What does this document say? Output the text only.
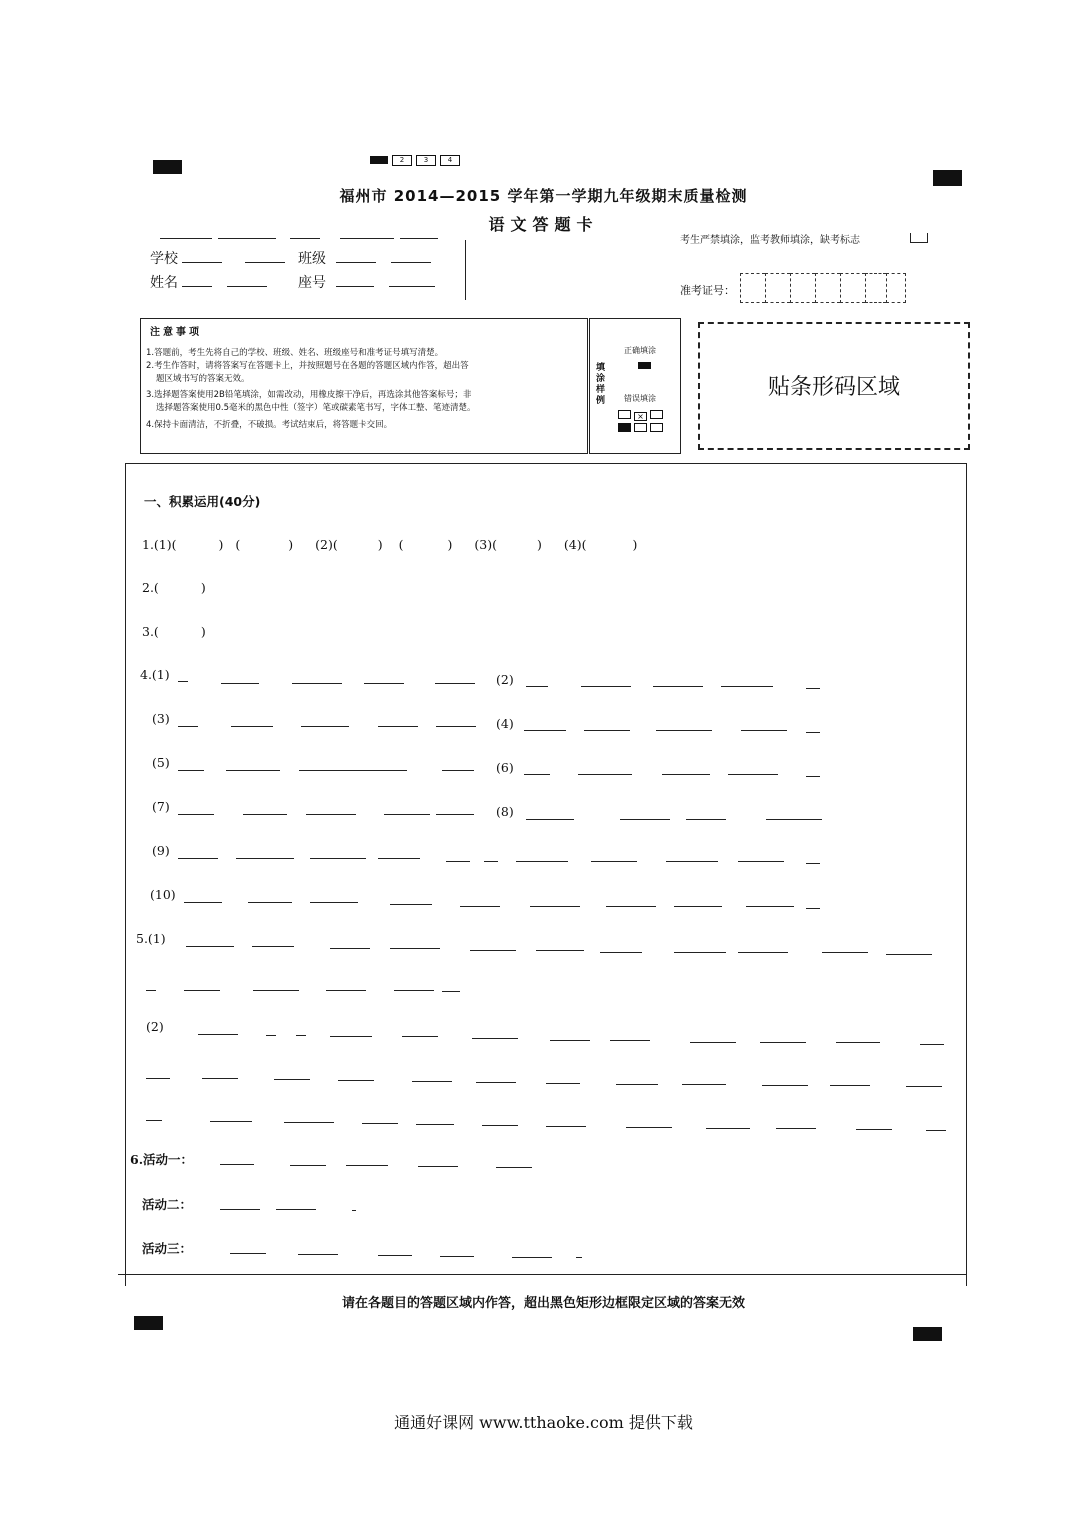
2	3	4
福州市 2014—2015 学年第一学期九年级期末质量检测
语文答题卡
考生严禁填涂，监考教师填涂，缺考标志
学校	班级
姓名	座号	准考证号：
注意事项
1.答题前，考生先将自己的学校、班级、姓名、班级座号和准考证号填写清楚。
2.考生作答时，请将答案写在答题卡上，并按照题号在各题的答题区域内作答，超出答
题区域书写的答案无效。
3.选择题答案使用2B铅笔填涂，如需改动，用橡皮擦干净后，再选涂其他答案标号；非
选择题答案使用0.5毫米的黑色中性（签字）笔或碳素笔书写，字体工整、笔迹清楚。
4.保持卡面清洁，不折叠，不破损。考试结束后，将答题卡交回。
填涂样例
正确填涂
错误填涂
×

贴条形码区域
一、积累运用(40分)
1.(1)(	) (	) (2)(	) (	) (3)(	) (4)(	)
2.(	)
3.(	)
4.(1)	(2)
(3)	(4)
(5)	(6)
(7)	(8)
(9)
(10)
5.(1)
(2)
6.活动一：
活动二：
活动三：
请在各题目的答题区域内作答，超出黑色矩形边框限定区域的答案无效
通通好课网 www.tthaoke.com 提供下载
